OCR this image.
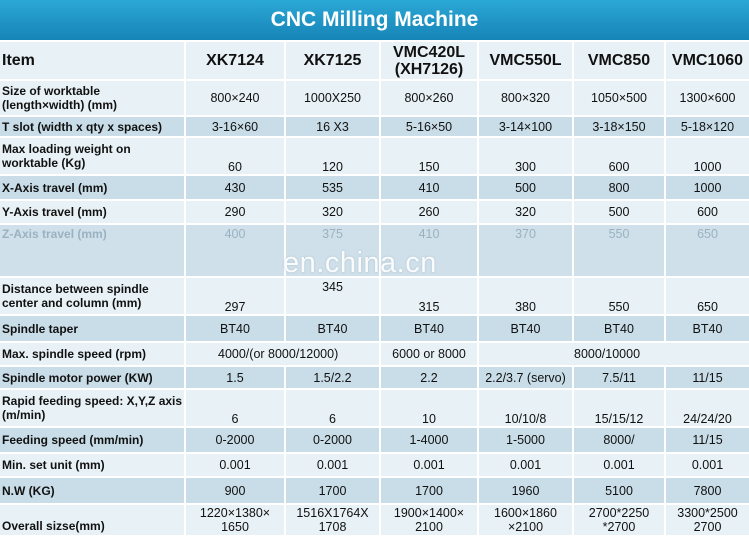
CNC Milling Machine
Item	XK7124	XK7125	VMC420L (XH7126)	VMC550L	VMC850	VMC1060
Size of worktable (length×width) (mm)	800×240	1000X250	800×260	800×320	1050×500	1300×600
T slot (width x qty x spaces)	3-16×60	16 X3	5-16×50	3-14×100	3-18×150	5-18×120
Max loading weight on worktable (Kg)	60	120	150	300	600	1000
X-Axis travel (mm)	430	535	410	500	800	1000
Y-Axis travel (mm)	290	320	260	320	500	600
Z-Axis travel (mm)	400	375	410	370	550	650
Distance between spindle center and column (mm)	297	345	315	380	550	650
Spindle taper	BT40	BT40	BT40	BT40	BT40	BT40
Max. spindle speed (rpm)	4000/(or 8000/12000)		6000 or 8000	8000/10000		
Spindle motor power (KW)	1.5	1.5/2.2	2.2	2.2/3.7 (servo)	7.5/11	11/15
Rapid feeding speed: X,Y,Z axis (m/min)	6	6	10	10/10/8	15/15/12	24/24/20
Feeding speed (mm/min)	0-2000	0-2000	1-4000	1-5000	8000/	11/15
Min. set unit (mm)	0.001	0.001	0.001	0.001	0.001	0.001
N.W (KG)	900	1700	1700	1960	5100	7800
Overall sizse(mm)	1220×1380× 1650	1516X1764X 1708	1900×1400× 2100	1600×1860 ×2100	2700*2250 *2700	3300*2500 2700
en.china.cn
